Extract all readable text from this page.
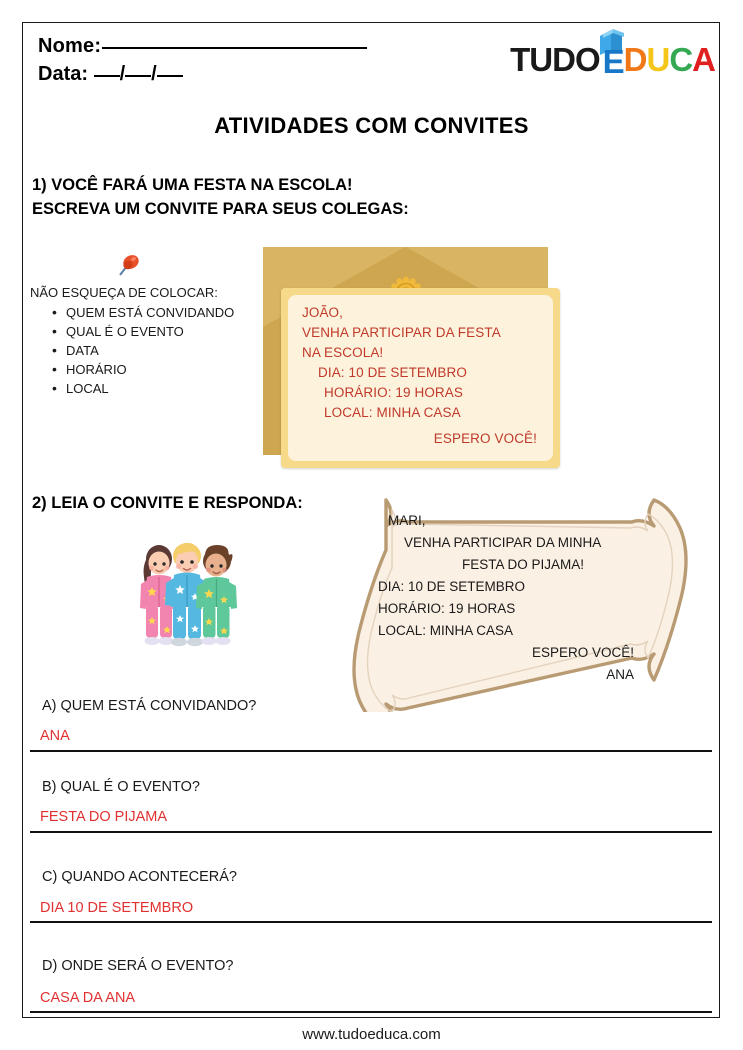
Nome:
Data: / /	TUDO E D U C A
ATIVIDADES COM CONVITES
1) VOCÊ FARÁ UMA FESTA NA ESCOLA!
ESCREVA UM CONVITE PARA SEUS COLEGAS:
NÃO ESQUEÇA DE COLOCAR:
• QUEM ESTÁ CONVIDANDO
• QUAL É O EVENTO
• DATA
• HORÁRIO
• LOCAL
JOÃO,
VENHA PARTICIPAR DA FESTA
NA ESCOLA!
DIA: 10 DE SETEMBRO
HORÁRIO: 19 HORAS
LOCAL: MINHA CASA
ESPERO VOCÊ!
2) LEIA O CONVITE E RESPONDA:
MARI,
VENHA PARTICIPAR DA MINHA
FESTA DO PIJAMA!
DIA: 10 DE SETEMBRO
HORÁRIO: 19 HORAS
LOCAL: MINHA CASA
ESPERO VOCÊ!
ANA
A) QUEM ESTÁ CONVIDANDO?
ANA
B) QUAL É O EVENTO?
FESTA DO PIJAMA
C) QUANDO ACONTECERÁ?
DIA 10 DE SETEMBRO
D) ONDE SERÁ O EVENTO?
CASA DA ANA
www.tudoeduca.com
